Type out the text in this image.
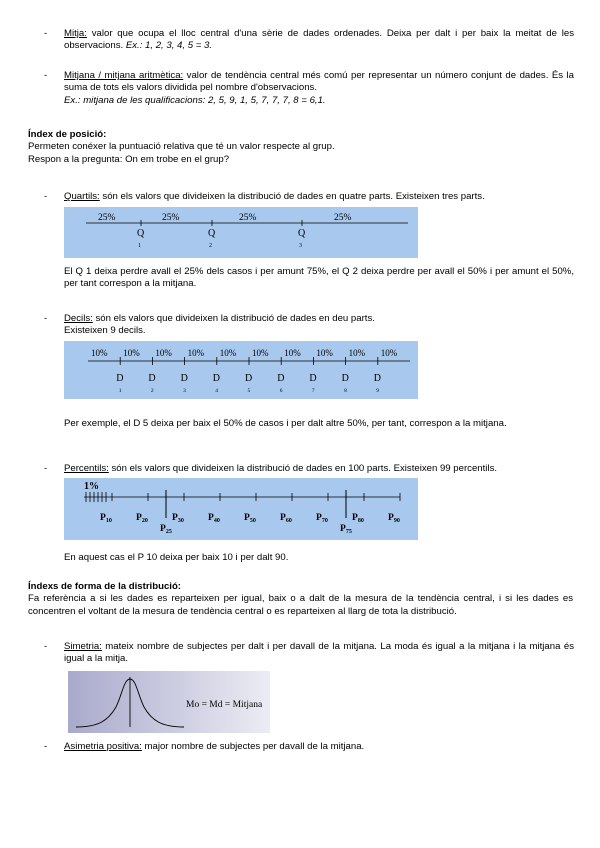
- Mitja: valor que ocupa el lloc central d'una sèrie de dades ordenades. Deixa per dalt i per baix la meitat de les observacions. Ex.: 1, 2, 3, 4, 5 = 3.
- Mitjana / mitjana aritmètica: valor de tendència central més comú per representar un número conjunt de dades. És la suma de tots els valors dividida pel nombre d'observacions.
Ex.: mitjana de les qualificacions: 2, 5, 9, 1, 5, 7, 7, 7, 8 = 6,1.
Índex de posició:
Permeten conéxer la puntuació relativa que té un valor respecte al grup.
Respon a la pregunta: On em trobe en el grup?
- Quartils: són els valors que divideixen la distribució de dades en quatre parts. Existeixen tres parts.
25%	25%	25%	25%
Q	Q	Q
1	2	3
El Q 1 deixa perdre avall el 25% dels casos i per amunt 75%, el Q 2 deixa perdre per avall el 50% i per amunt el 50%, per tant correspon a la mitjana.
- Decils: són els valors que divideixen la distribució de dades en deu parts.
Existeixen 9 decils.
10% 10% 10% 10% 10% 10% 10% 10% 10% 10%
D
1
D
2
D
3
D
4
D
5
D
6
D
7
D
8
D
9
Per exemple, el D 5 deixa per baix el 50% de casos i per dalt altre 50%, per tant, correspon a la mitjana.
- Percentils: són els valors que divideixen la distribució de dades en 100 parts. Existeixen 99 percentils.
1%
$P_{10}$	$P_{20}$
$P_{25}$
$P_{30}$	$P_{40}$	$P_{50}$	$P_{60}$	$P_{70}$
$P_{75}$
$P_{80}$	$P_{90}$
En aquest cas el P 10 deixa per baix 10 i per dalt 90.
Índexs de forma de la distribució:
Fa referència a si les dades es reparteixen per igual, baix o a dalt de la mesura de la tendència central, i si les dades es concentren el voltant de la mesura de tendència central o es reparteixen al llarg de tota la distribució.
- Simetria: mateix nombre de subjectes per dalt i per davall de la mitjana. La moda és igual a la mitjana i la mitjana és igual a la mitja.
Mo = Md = Mitjana
- Asimetria positiva: major nombre de subjectes per davall de la mitjana.
